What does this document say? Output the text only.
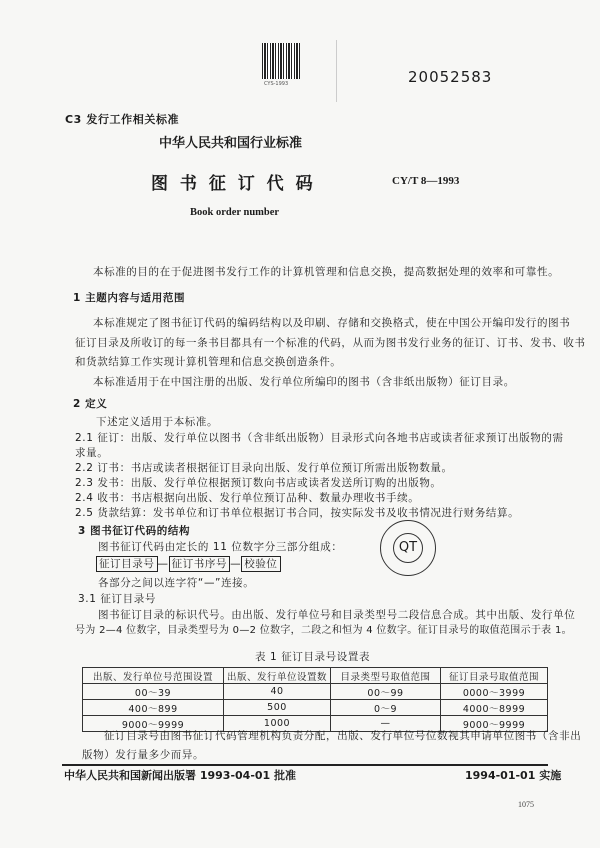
CYS-1993	20052583
C3 发行工作相关标准
中华人民共和国行业标准
图 书 征 订 代 码	CY/T 8—1993
Book order number
本标准的目的在于促进图书发行工作的计算机管理和信息交换，提高数据处理的效率和可靠性。
1 主题内容与适用范围
本标准规定了图书征订代码的编码结构以及印刷、存储和交换格式，使在中国公开编印发行的图书
征订目录及所收订的每一条书目都具有一个标准的代码，从而为图书发行业务的征订、订书、发书、收书
和货款结算工作实现计算机管理和信息交换创造条件。
本标准适用于在中国注册的出版、发行单位所编印的图书（含非纸出版物）征订目录。
2 定义
下述定义适用于本标准。
2.1 征订：出版、发行单位以图书（含非纸出版物）目录形式向各地书店或读者征求预订出版物的需
求量。
2.2 订书：书店或读者根据征订目录向出版、发行单位预订所需出版物数量。
2.3 发书：出版、发行单位根据预订数向书店或读者发送所订购的出版物。
2.4 收书：书店根据向出版、发行单位预订品种、数量办理收书手续。
2.5 货款结算：发书单位和订书单位根据订书合同，按实际发书及收书情况进行财务结算。
3 图书征订代码的结构
QT
图书征订代码由定长的 11 位数字分三部分组成：
征订目录号 — 征订书序号 — 校验位
各部分之间以连字符“—”连接。
3.1 征订目录号
图书征订目录的标识代号。由出版、发行单位号和目录类型号二段信息合成。其中出版、发行单位
号为 2—4 位数字，目录类型号为 0—2 位数字，二段之和恒为 4 位数字。征订目录号的取值范围示于表 1。
表 1 征订目录号设置表
出版、发行单位号范围设置	出版、发行单位设置数	目录类型号取值范围	征订目录号取值范围
00～39	40	00～99	0000～3999
400～899	500	0～9	4000～8999
9000～9999	1000	—	9000～9999
征订目录号由图书征订代码管理机构负责分配，出版、发行单位号位数视其申请单位图书（含非出
版物）发行量多少而异。
中华人民共和国新闻出版署 1993-04-01 批准	1994-01-01 实施
1075
